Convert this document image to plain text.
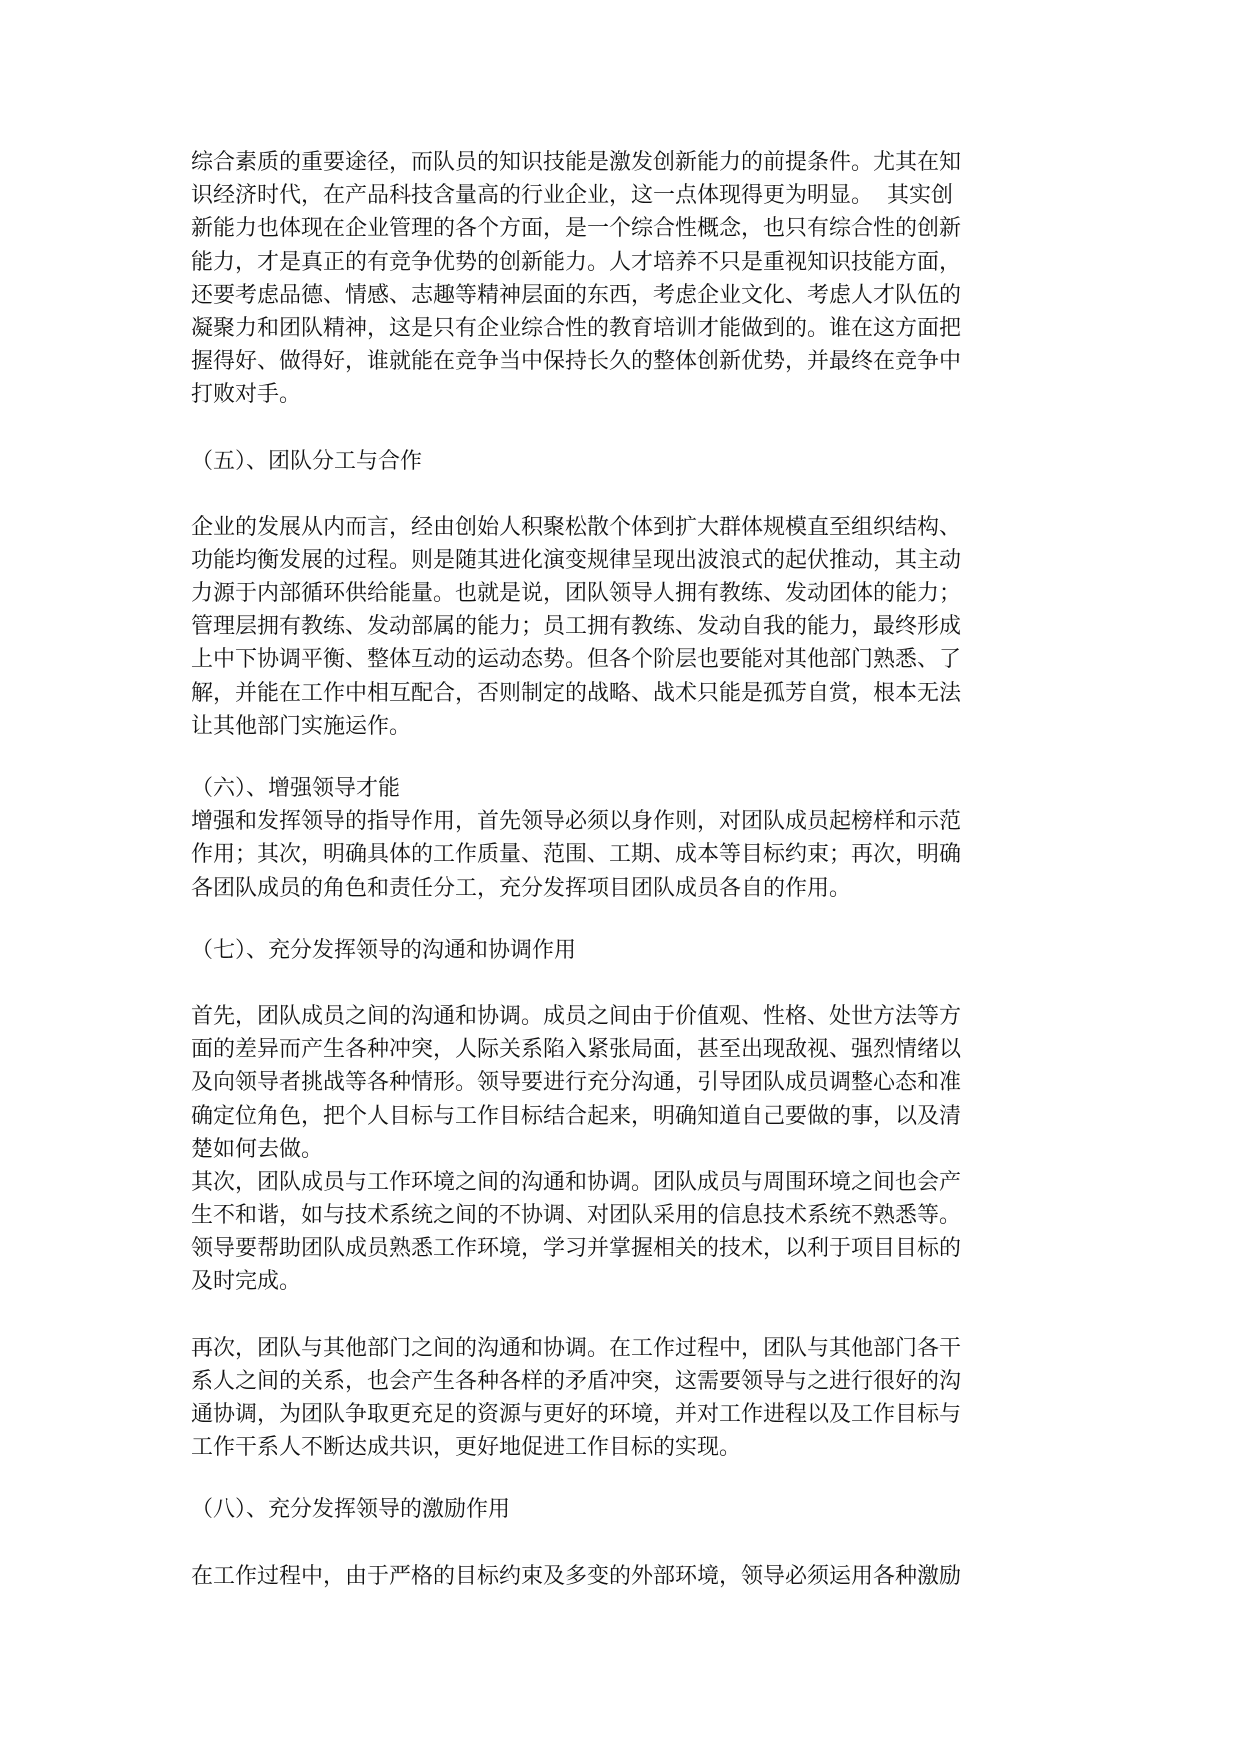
综合素质的重要途径，而队员的知识技能是激发创新能力的前提条件。尤其在知
识经济时代，在产品科技含量高的行业企业，这一点体现得更为明显。  其实创
新能力也体现在企业管理的各个方面，是一个综合性概念，也只有综合性的创新
能力，才是真正的有竞争优势的创新能力。人才培养不只是重视知识技能方面，
还要考虑品德、情感、志趣等精神层面的东西，考虑企业文化、考虑人才队伍的
凝聚力和团队精神，这是只有企业综合性的教育培训才能做到的。谁在这方面把
握得好、做得好，谁就能在竞争当中保持长久的整体创新优势，并最终在竞争中
打败对手。
（五）、团队分工与合作
企业的发展从内而言，经由创始人积聚松散个体到扩大群体规模直至组织结构、
功能均衡发展的过程。则是随其进化演变规律呈现出波浪式的起伏推动，其主动
力源于内部循环供给能量。也就是说，团队领导人拥有教练、发动团体的能力；
管理层拥有教练、发动部属的能力；员工拥有教练、发动自我的能力，最终形成
上中下协调平衡、整体互动的运动态势。但各个阶层也要能对其他部门熟悉、了
解，并能在工作中相互配合，否则制定的战略、战术只能是孤芳自赏，根本无法
让其他部门实施运作。
（六）、增强领导才能
增强和发挥领导的指导作用，首先领导必须以身作则，对团队成员起榜样和示范
作用；其次，明确具体的工作质量、范围、工期、成本等目标约束；再次，明确
各团队成员的角色和责任分工，充分发挥项目团队成员各自的作用。
（七）、充分发挥领导的沟通和协调作用
首先，团队成员之间的沟通和协调。成员之间由于价值观、性格、处世方法等方
面的差异而产生各种冲突，人际关系陷入紧张局面，甚至出现敌视、强烈情绪以
及向领导者挑战等各种情形。领导要进行充分沟通，引导团队成员调整心态和准
确定位角色，把个人目标与工作目标结合起来，明确知道自己要做的事，以及清
楚如何去做。
其次，团队成员与工作环境之间的沟通和协调。团队成员与周围环境之间也会产
生不和谐，如与技术系统之间的不协调、对团队采用的信息技术系统不熟悉等。
领导要帮助团队成员熟悉工作环境，学习并掌握相关的技术，以利于项目目标的
及时完成。
再次，团队与其他部门之间的沟通和协调。在工作过程中，团队与其他部门各干
系人之间的关系，也会产生各种各样的矛盾冲突，这需要领导与之进行很好的沟
通协调，为团队争取更充足的资源与更好的环境，并对工作进程以及工作目标与
工作干系人不断达成共识，更好地促进工作目标的实现。
（八）、充分发挥领导的激励作用
在工作过程中，由于严格的目标约束及多变的外部环境，领导必须运用各种激励
